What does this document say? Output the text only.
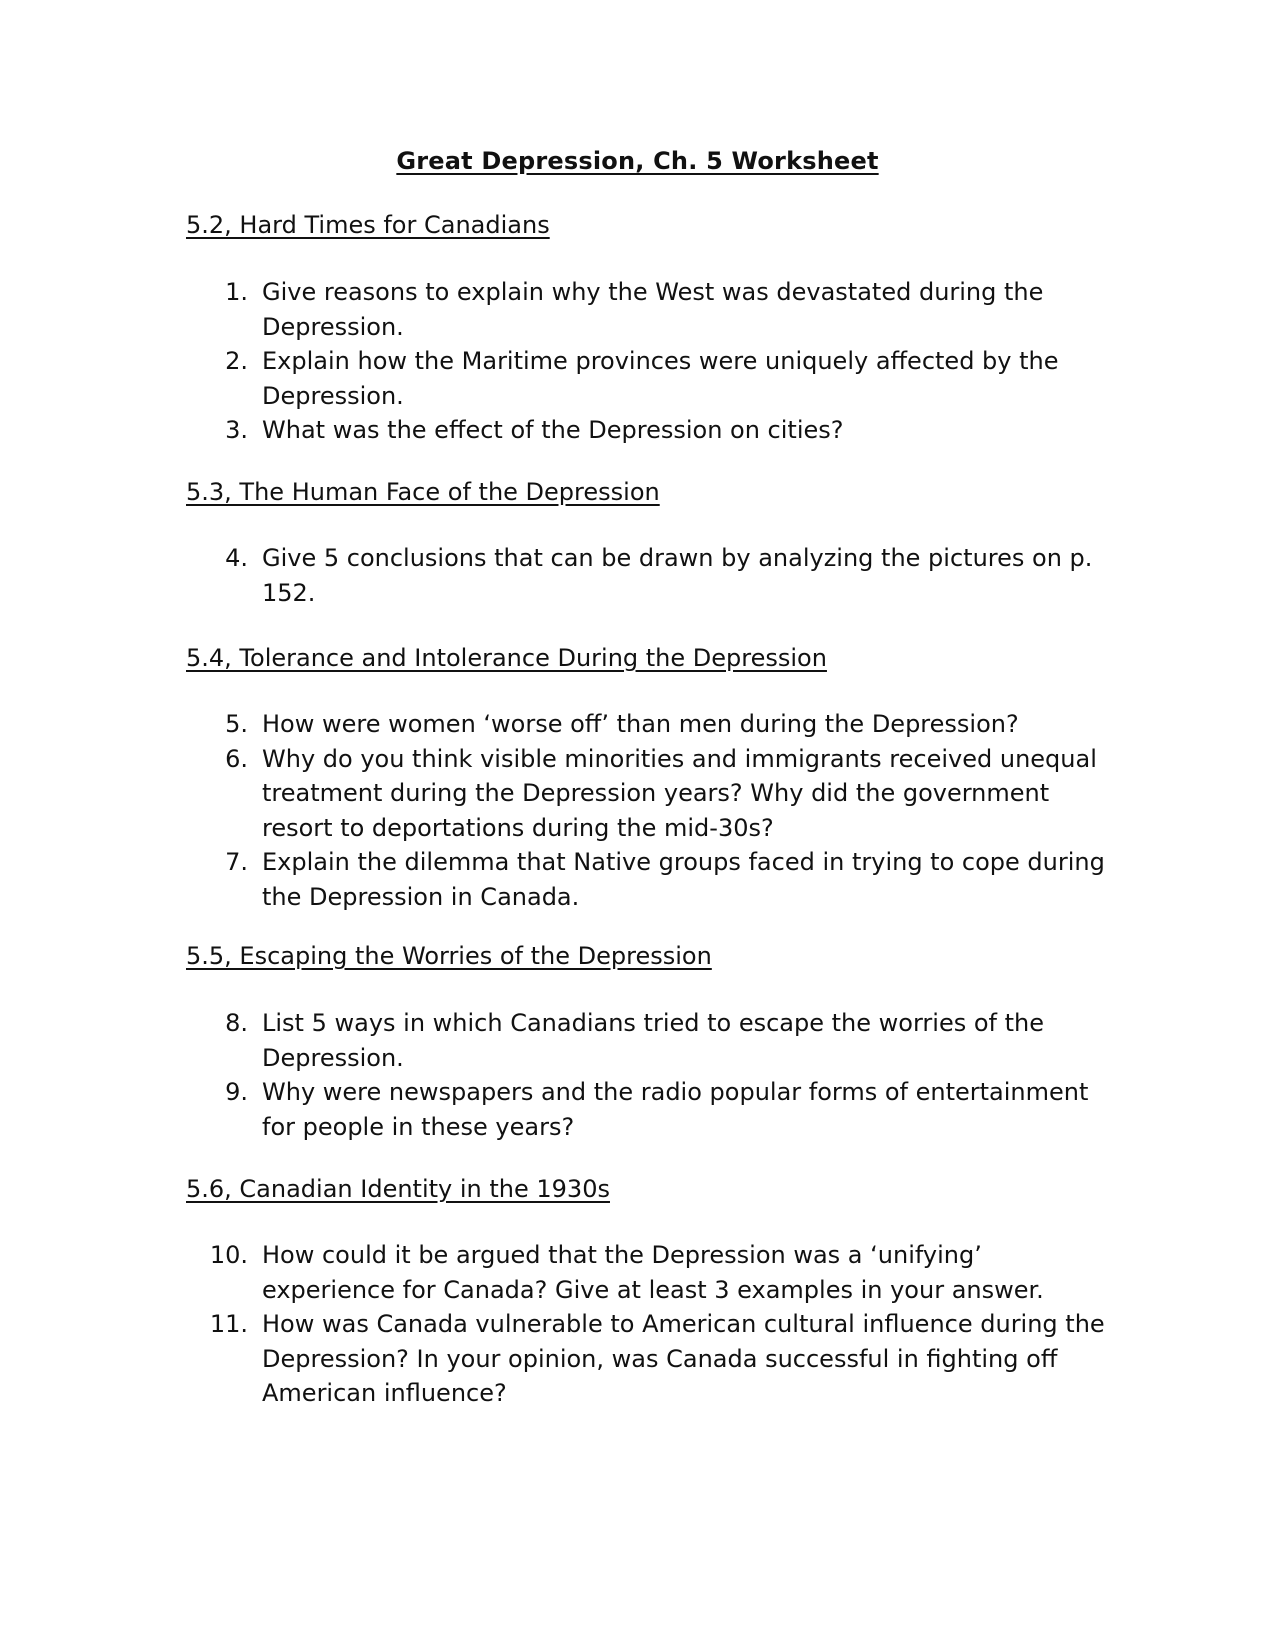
Great Depression, Ch. 5 Worksheet
5.2, Hard Times for Canadians
1. Give reasons to explain why the West was devastated during the Depression.
2. Explain how the Maritime provinces were uniquely affected by the Depression.
3. What was the effect of the Depression on cities?
5.3, The Human Face of the Depression
4. Give 5 conclusions that can be drawn by analyzing the pictures on p. 152.
5.4, Tolerance and Intolerance During the Depression
5. How were women ‘worse off’ than men during the Depression?
6. Why do you think visible minorities and immigrants received unequal treatment during the Depression years? Why did the government resort to deportations during the mid-30s?
7. Explain the dilemma that Native groups faced in trying to cope during the Depression in Canada.
5.5, Escaping the Worries of the Depression
8. List 5 ways in which Canadians tried to escape the worries of the Depression.
9. Why were newspapers and the radio popular forms of entertainment for people in these years?
5.6, Canadian Identity in the 1930s
10. How could it be argued that the Depression was a ‘unifying’ experience for Canada? Give at least 3 examples in your answer.
11. How was Canada vulnerable to American cultural influence during the Depression? In your opinion, was Canada successful in fighting off American influence?
